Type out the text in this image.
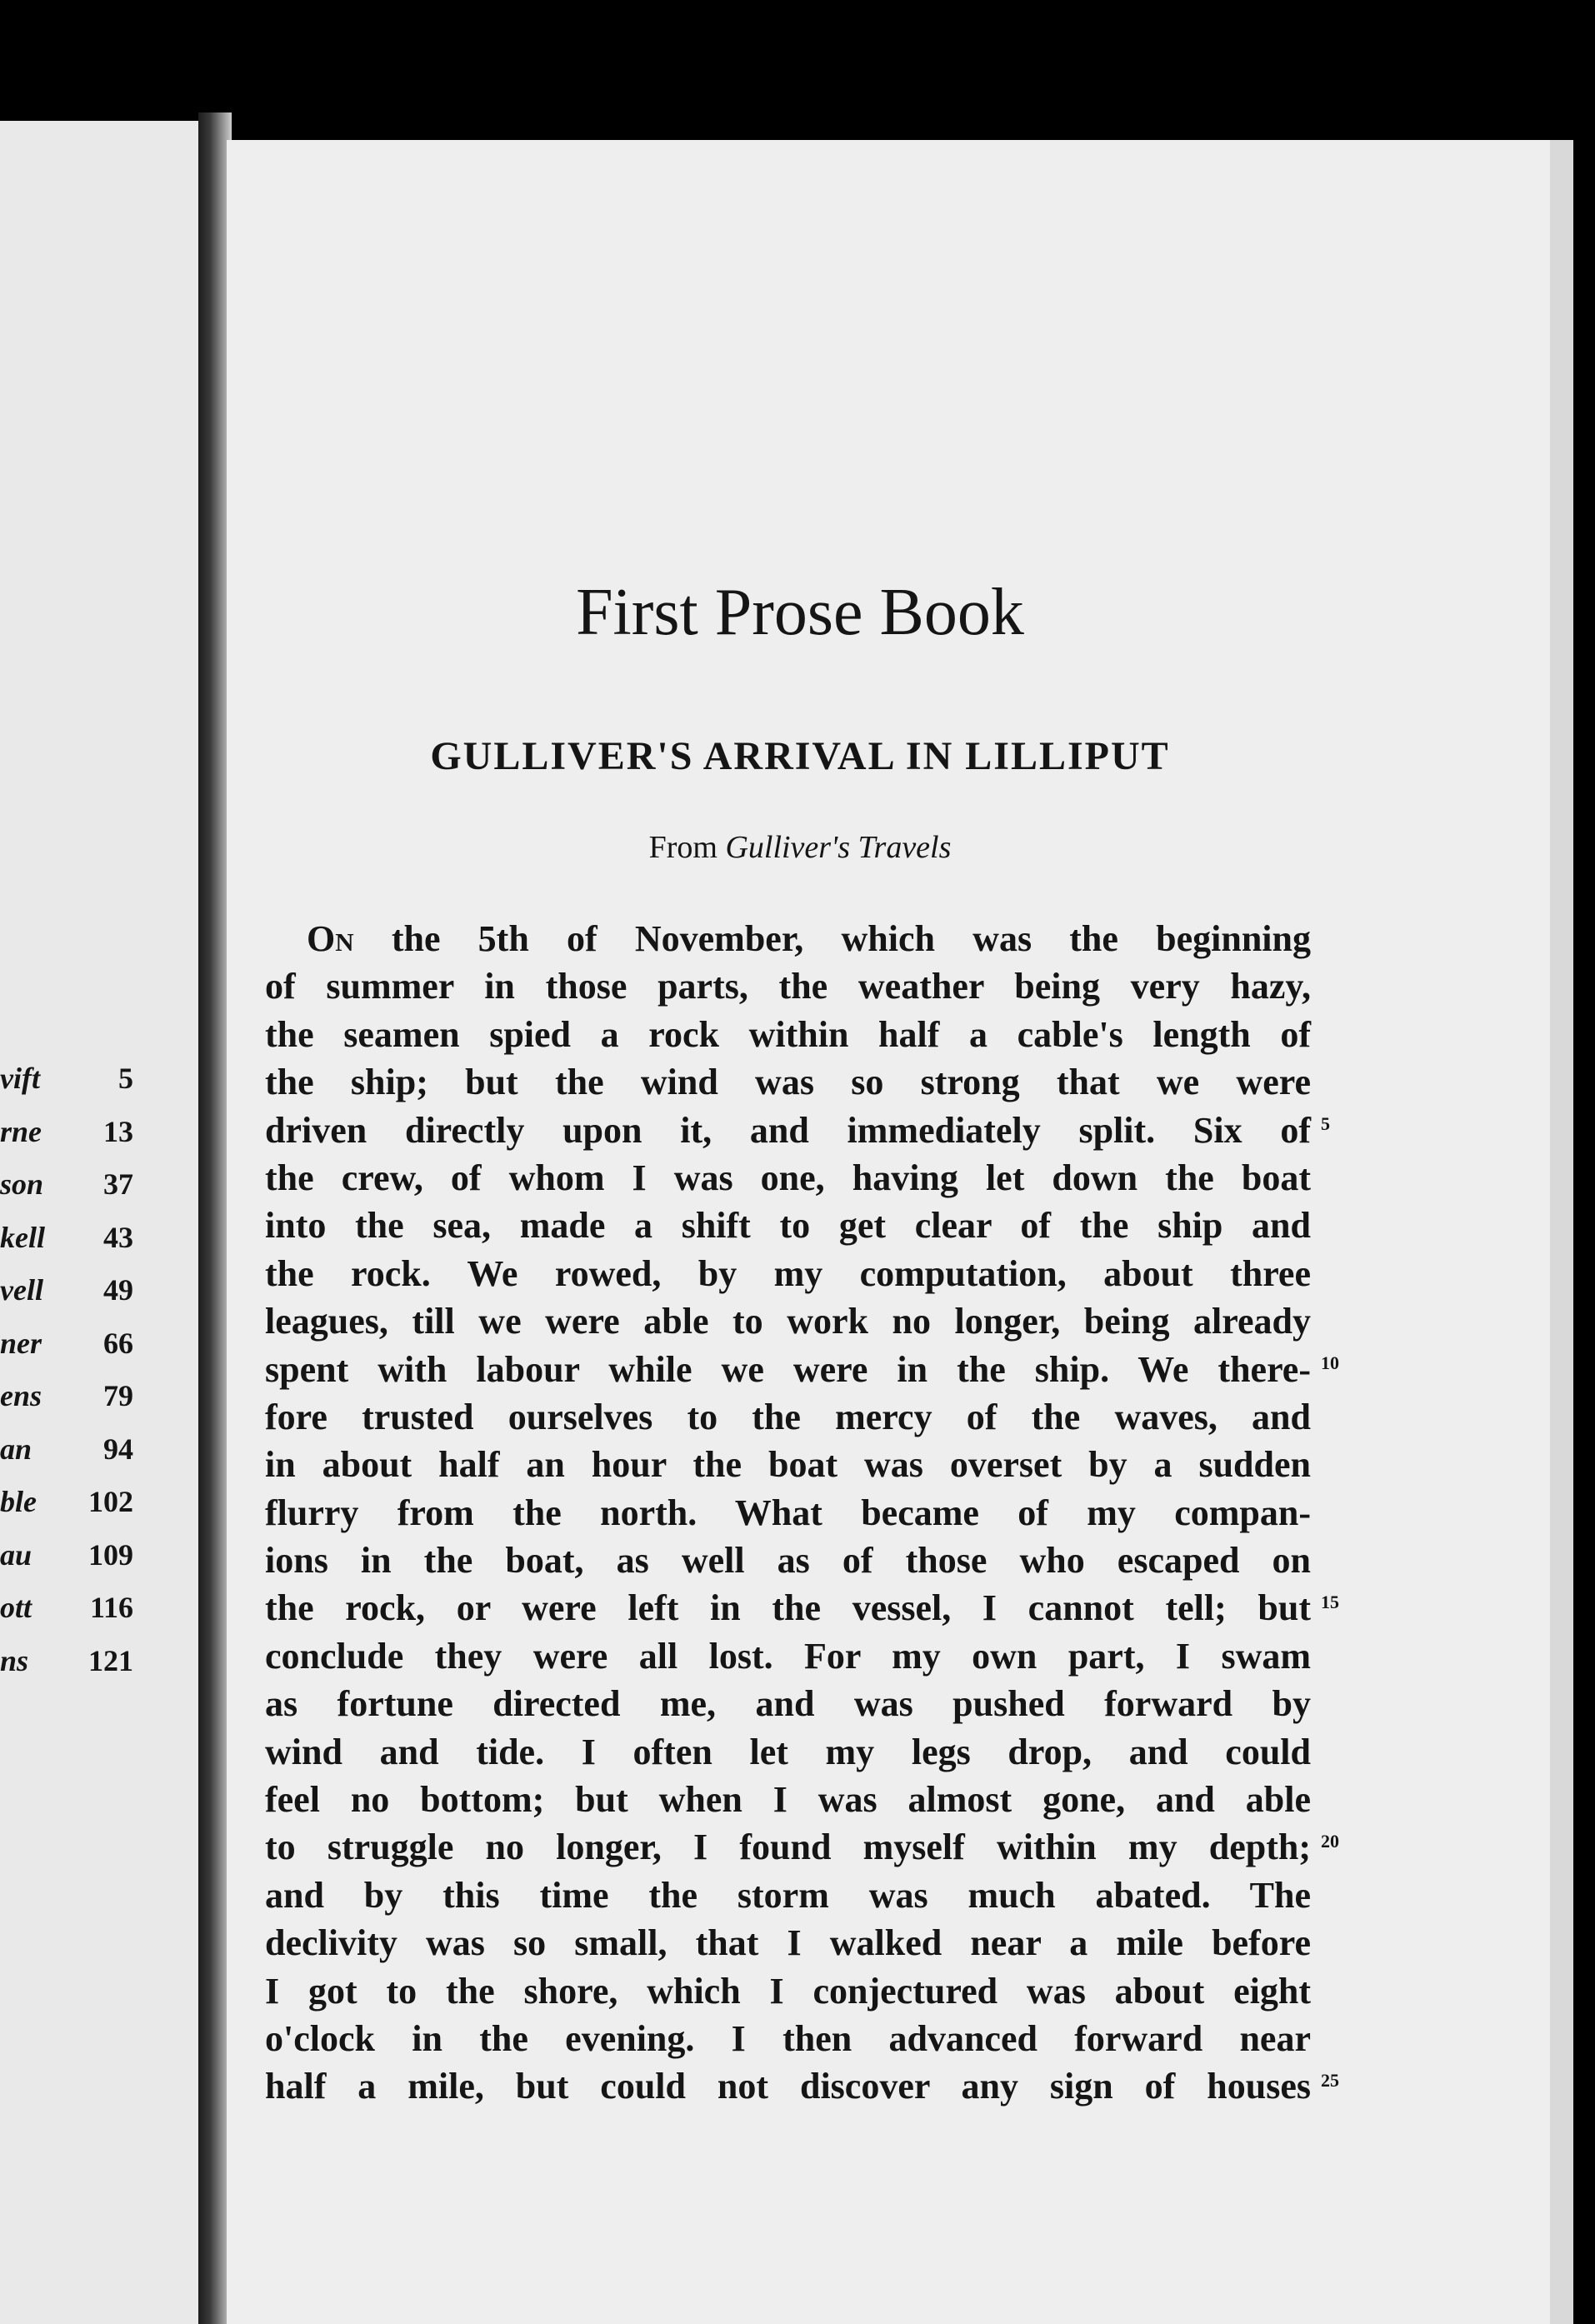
vift	5
rne 13
son 37
kell 43
vell 49
ner 66
ens 79
an 94
ble 102
au 109
ott 116
ns 121
First Prose Book
GULLIVER'S ARRIVAL IN LILLIPUT
From Gulliver's Travels
On the 5th of November, which was the beginning
of summer in those parts, the weather being very hazy,
the seamen spied a rock within half a cable's length of
the ship; but the wind was so strong that we were
driven directly upon it, and immediately split. Six of
the crew, of whom I was one, having let down the boat
into the sea, made a shift to get clear of the ship and
the rock. We rowed, by my computation, about three
leagues, till we were able to work no longer, being already
spent with labour while we were in the ship. We there-
fore trusted ourselves to the mercy of the waves, and
in about half an hour the boat was overset by a sudden
flurry from the north. What became of my compan-
ions in the boat, as well as of those who escaped on
the rock, or were left in the vessel, I cannot tell; but
conclude they were all lost. For my own part, I swam
as fortune directed me, and was pushed forward by
wind and tide. I often let my legs drop, and could
feel no bottom; but when I was almost gone, and able
to struggle no longer, I found myself within my depth;
and by this time the storm was much abated. The
declivity was so small, that I walked near a mile before
I got to the shore, which I conjectured was about eight
o'clock in the evening. I then advanced forward near
half a mile, but could not discover any sign of houses
5
10
15
20
25
